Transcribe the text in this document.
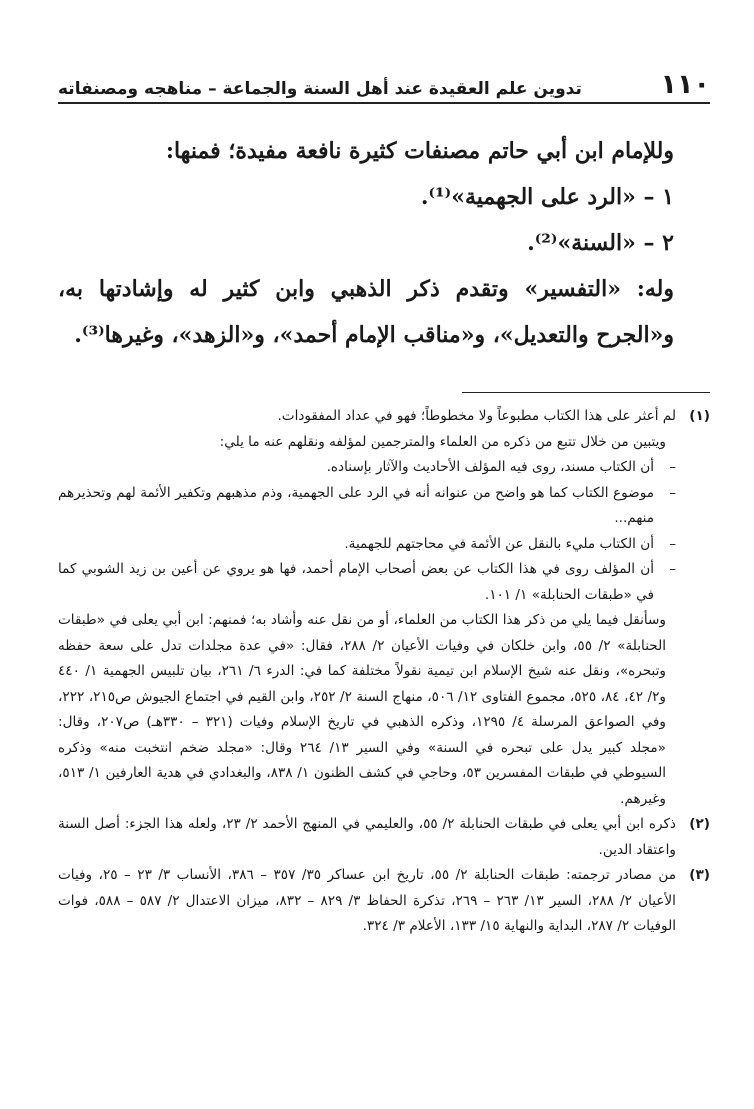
١١٠
تدوين علم العقيدة عند أهل السنة والجماعة – مناهجه ومصنفاته

وللإمام ابن أبي حاتم مصنفات كثيرة نافعة مفيدة؛ فمنها:

١ – «الرد على الجهمية»⁽¹⁾.

٢ – «السنة»⁽²⁾.

وله: «التفسير» وتقدم ذكر الذهبي وابن كثير له وإشادتها به، و«الجرح والتعديل»، و«مناقب الإمام أحمد»، و«الزهد»، وغيرها⁽³⁾.

(١)

لم أعثر على هذا الكتاب مطبوعاً ولا مخطوطاً؛ فهو في عداد المفقودات.

ويتبين من خلال تتبع من ذكره من العلماء والمترجمين لمؤلفه ونقلهم عنه ما يلي:

–
أن الكتاب مسند، روى فيه المؤلف الأحاديث والآثار بإسناده.
–
موضوع الكتاب كما هو واضح من عنوانه أنه في الرد على الجهمية، وذم مذهبهم وتكفير الأئمة لهم وتحذيرهم منهم...
–
أن الكتاب مليء بالنقل عن الأئمة في محاجتهم للجهمية.
–
أن المؤلف روى في هذا الكتاب عن بعض أصحاب الإمام أحمد، فها هو يروي عن أعين بن زيد الشوبي كما في «طبقات الحنابلة» ١/ ١٠١.

وسأنقل فيما يلي من ذكر هذا الكتاب من العلماء، أو من نقل عنه وأشاد به؛ فمنهم: ابن أبي يعلى في «طبقات الحنابلة» ٢/ ٥٥، وابن خلكان في وفيات الأعيان ٢/ ٢٨٨، فقال: «في عدة مجلدات تدل على سعة حفظه وتبحره»، ونقل عنه شيخ الإسلام ابن تيمية نقولاً مختلفة كما في: الدرء ٦/ ٢٦١، بيان تلبيس الجهمية ١/ ٤٤٠ و٢/ ٤٢، ٨٤، ٥٢٥، مجموع الفتاوى ١٢/ ٥٠٦، منهاج السنة ٢/ ٢٥٢، وابن القيم في اجتماع الجيوش ص٢١٥، ٢٢٢، وفي الصواعق المرسلة ٤/ ١٢٩٥، وذكره الذهبي في تاريخ الإسلام وفيات (٣٢١ – ٣٣٠هـ) ص٢٠٧، وقال: «مجلد كبير يدل على تبحره في السنة» وفي السير ١٣/ ٢٦٤ وقال: «مجلد ضخم انتخبت منه» وذكره السيوطي في طبقات المفسرين ٥٣، وحاجي في كشف الظنون ١/ ٨٣٨، والبغدادي في هدية العارفين ١/ ٥١٣، وغيرهم.

(٢)

ذكره ابن أبي يعلى في طبقات الحنابلة ٢/ ٥٥، والعليمي في المنهج الأحمد ٢/ ٢٣، ولعله هذا الجزء: أصل السنة واعتقاد الدين.

(٣)

من مصادر ترجمته: طبقات الحنابلة ٢/ ٥٥، تاريخ ابن عساكر ٣٥/ ٣٥٧ – ٣٨٦، الأنساب ٣/ ٢٣ – ٢٥، وفيات الأعيان ٢/ ٢٨٨، السير ١٣/ ٢٦٣ – ٢٦٩، تذكرة الحفاظ ٣/ ٨٢٩ – ٨٣٢، ميزان الاعتدال ٢/ ٥٨٧ – ٥٨٨، فوات الوفيات ٢/ ٢٨٧، البداية والنهاية ١٥/ ١٣٣، الأعلام ٣/ ٣٢٤.
